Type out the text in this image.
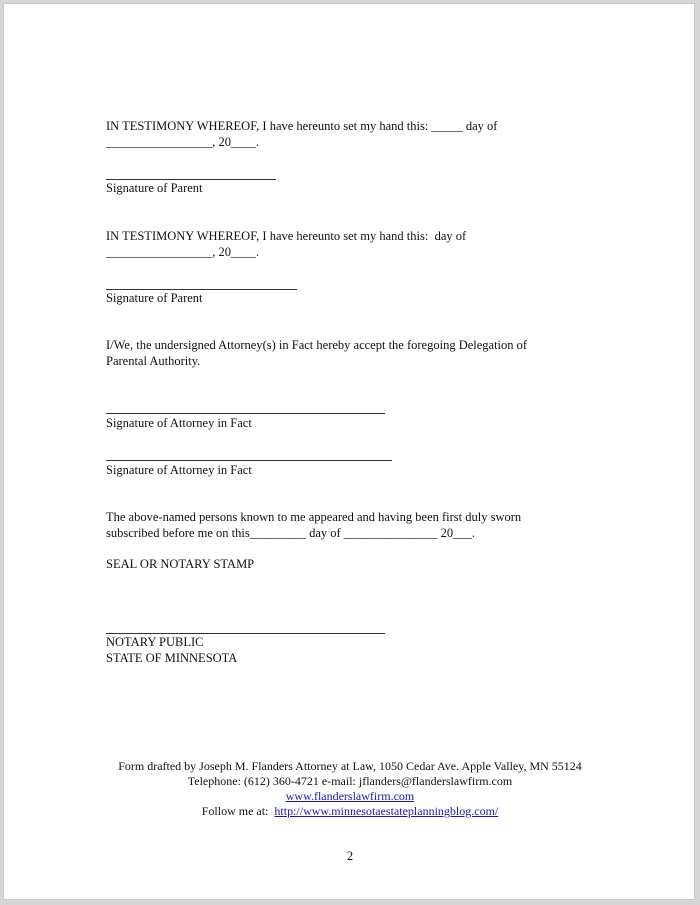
IN TESTIMONY WHEREOF, I have hereunto set my hand this: _____ day of
_________________, 20____.
Signature of Parent
IN TESTIMONY WHEREOF, I have hereunto set my hand this:  day of
_________________, 20____.
Signature of Parent
I/We, the undersigned Attorney(s) in Fact hereby accept the foregoing Delegation of
Parental Authority.
Signature of Attorney in Fact
Signature of Attorney in Fact
The above-named persons known to me appeared and having been first duly sworn
subscribed before me on this_________ day of _______________ 20___.
SEAL OR NOTARY STAMP
NOTARY PUBLIC
STATE OF MINNESOTA
Form drafted by Joseph M. Flanders Attorney at Law, 1050 Cedar Ave. Apple Valley, MN 55124
Telephone: (612) 360-4721 e-mail: jflanders@flanderslawfirm.com
www.flanderslawfirm.com
Follow me at: http://www.minnesotaestateplanningblog.com/
2
